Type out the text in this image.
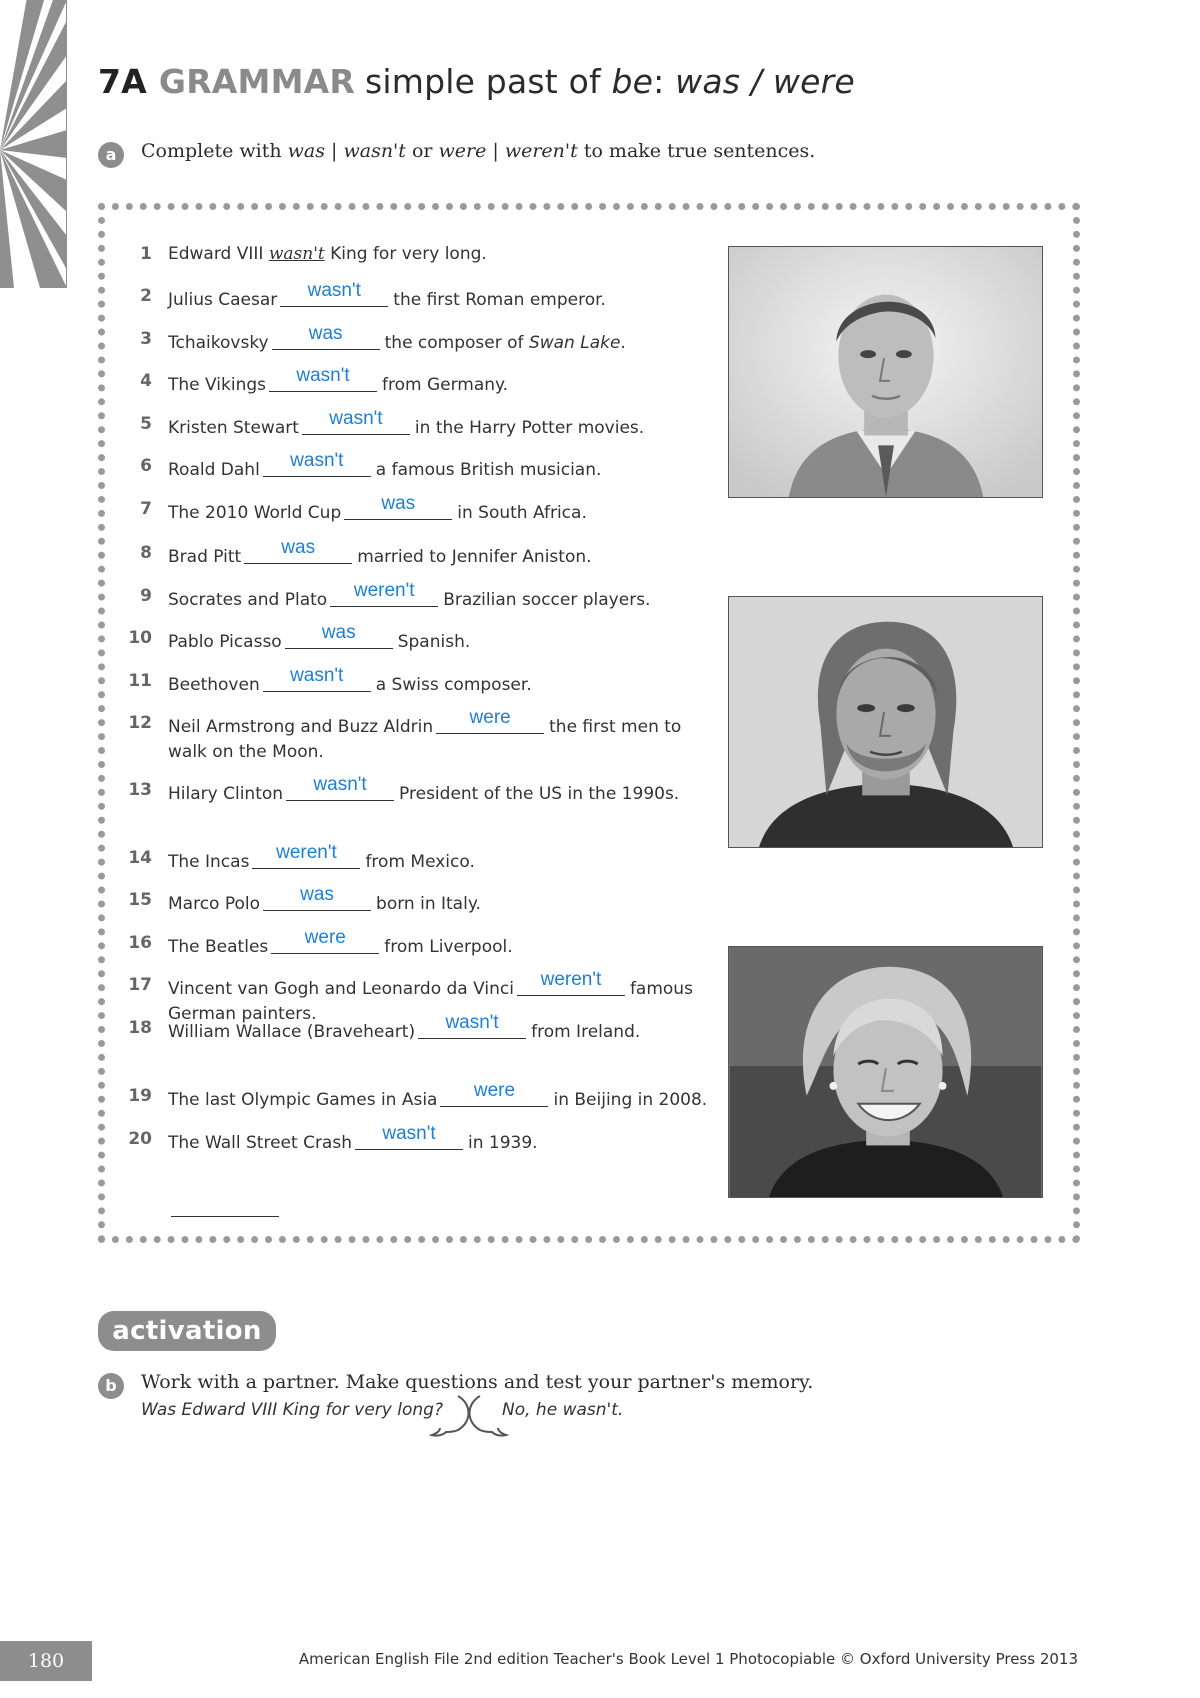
7A GRAMMAR simple past of be: was / were
a	Complete with was | wasn't or were | weren't to make true sentences.
1 Edward VIII wasn't King for very long.
2 Julius Caesar	wasn't	the first Roman emperor.
3 Tchaikovsky	was	the composer of Swan Lake.
4 The Vikings	wasn't	from Germany.
5 Kristen Stewart	wasn't	in the Harry Potter movies.
6 Roald Dahl	wasn't	a famous British musician.
7 The 2010 World Cup	was	in South Africa.
8 Brad Pitt	was	married to Jennifer Aniston.
9 Socrates and Plato	weren't	Brazilian soccer players.
10 Pablo Picasso	was	Spanish.
11 Beethoven	wasn't	a Swiss composer.
12 Neil Armstrong and Buzz Aldrin	were	the first men to walk on the Moon.
13 Hilary Clinton	wasn't	President of the US in the 1990s.
14 The Incas	weren't	from Mexico.
15 Marco Polo	was	born in Italy.
16 The Beatles	were	from Liverpool.
17 Vincent van Gogh and Leonardo da Vinci	weren't	famous German painters.
18 William Wallace (Braveheart)	wasn't	from Ireland.
19 The last Olympic Games in Asia	were	in Beijing in 2008.
20 The Wall Street Crash	wasn't	in 1939.
activation
b	Work with a partner. Make questions and test your partner's memory.
Was Edward VIII King for very long?	No, he wasn't.
180	American English File 2nd edition Teacher's Book Level 1 Photocopiable © Oxford University Press 2013
